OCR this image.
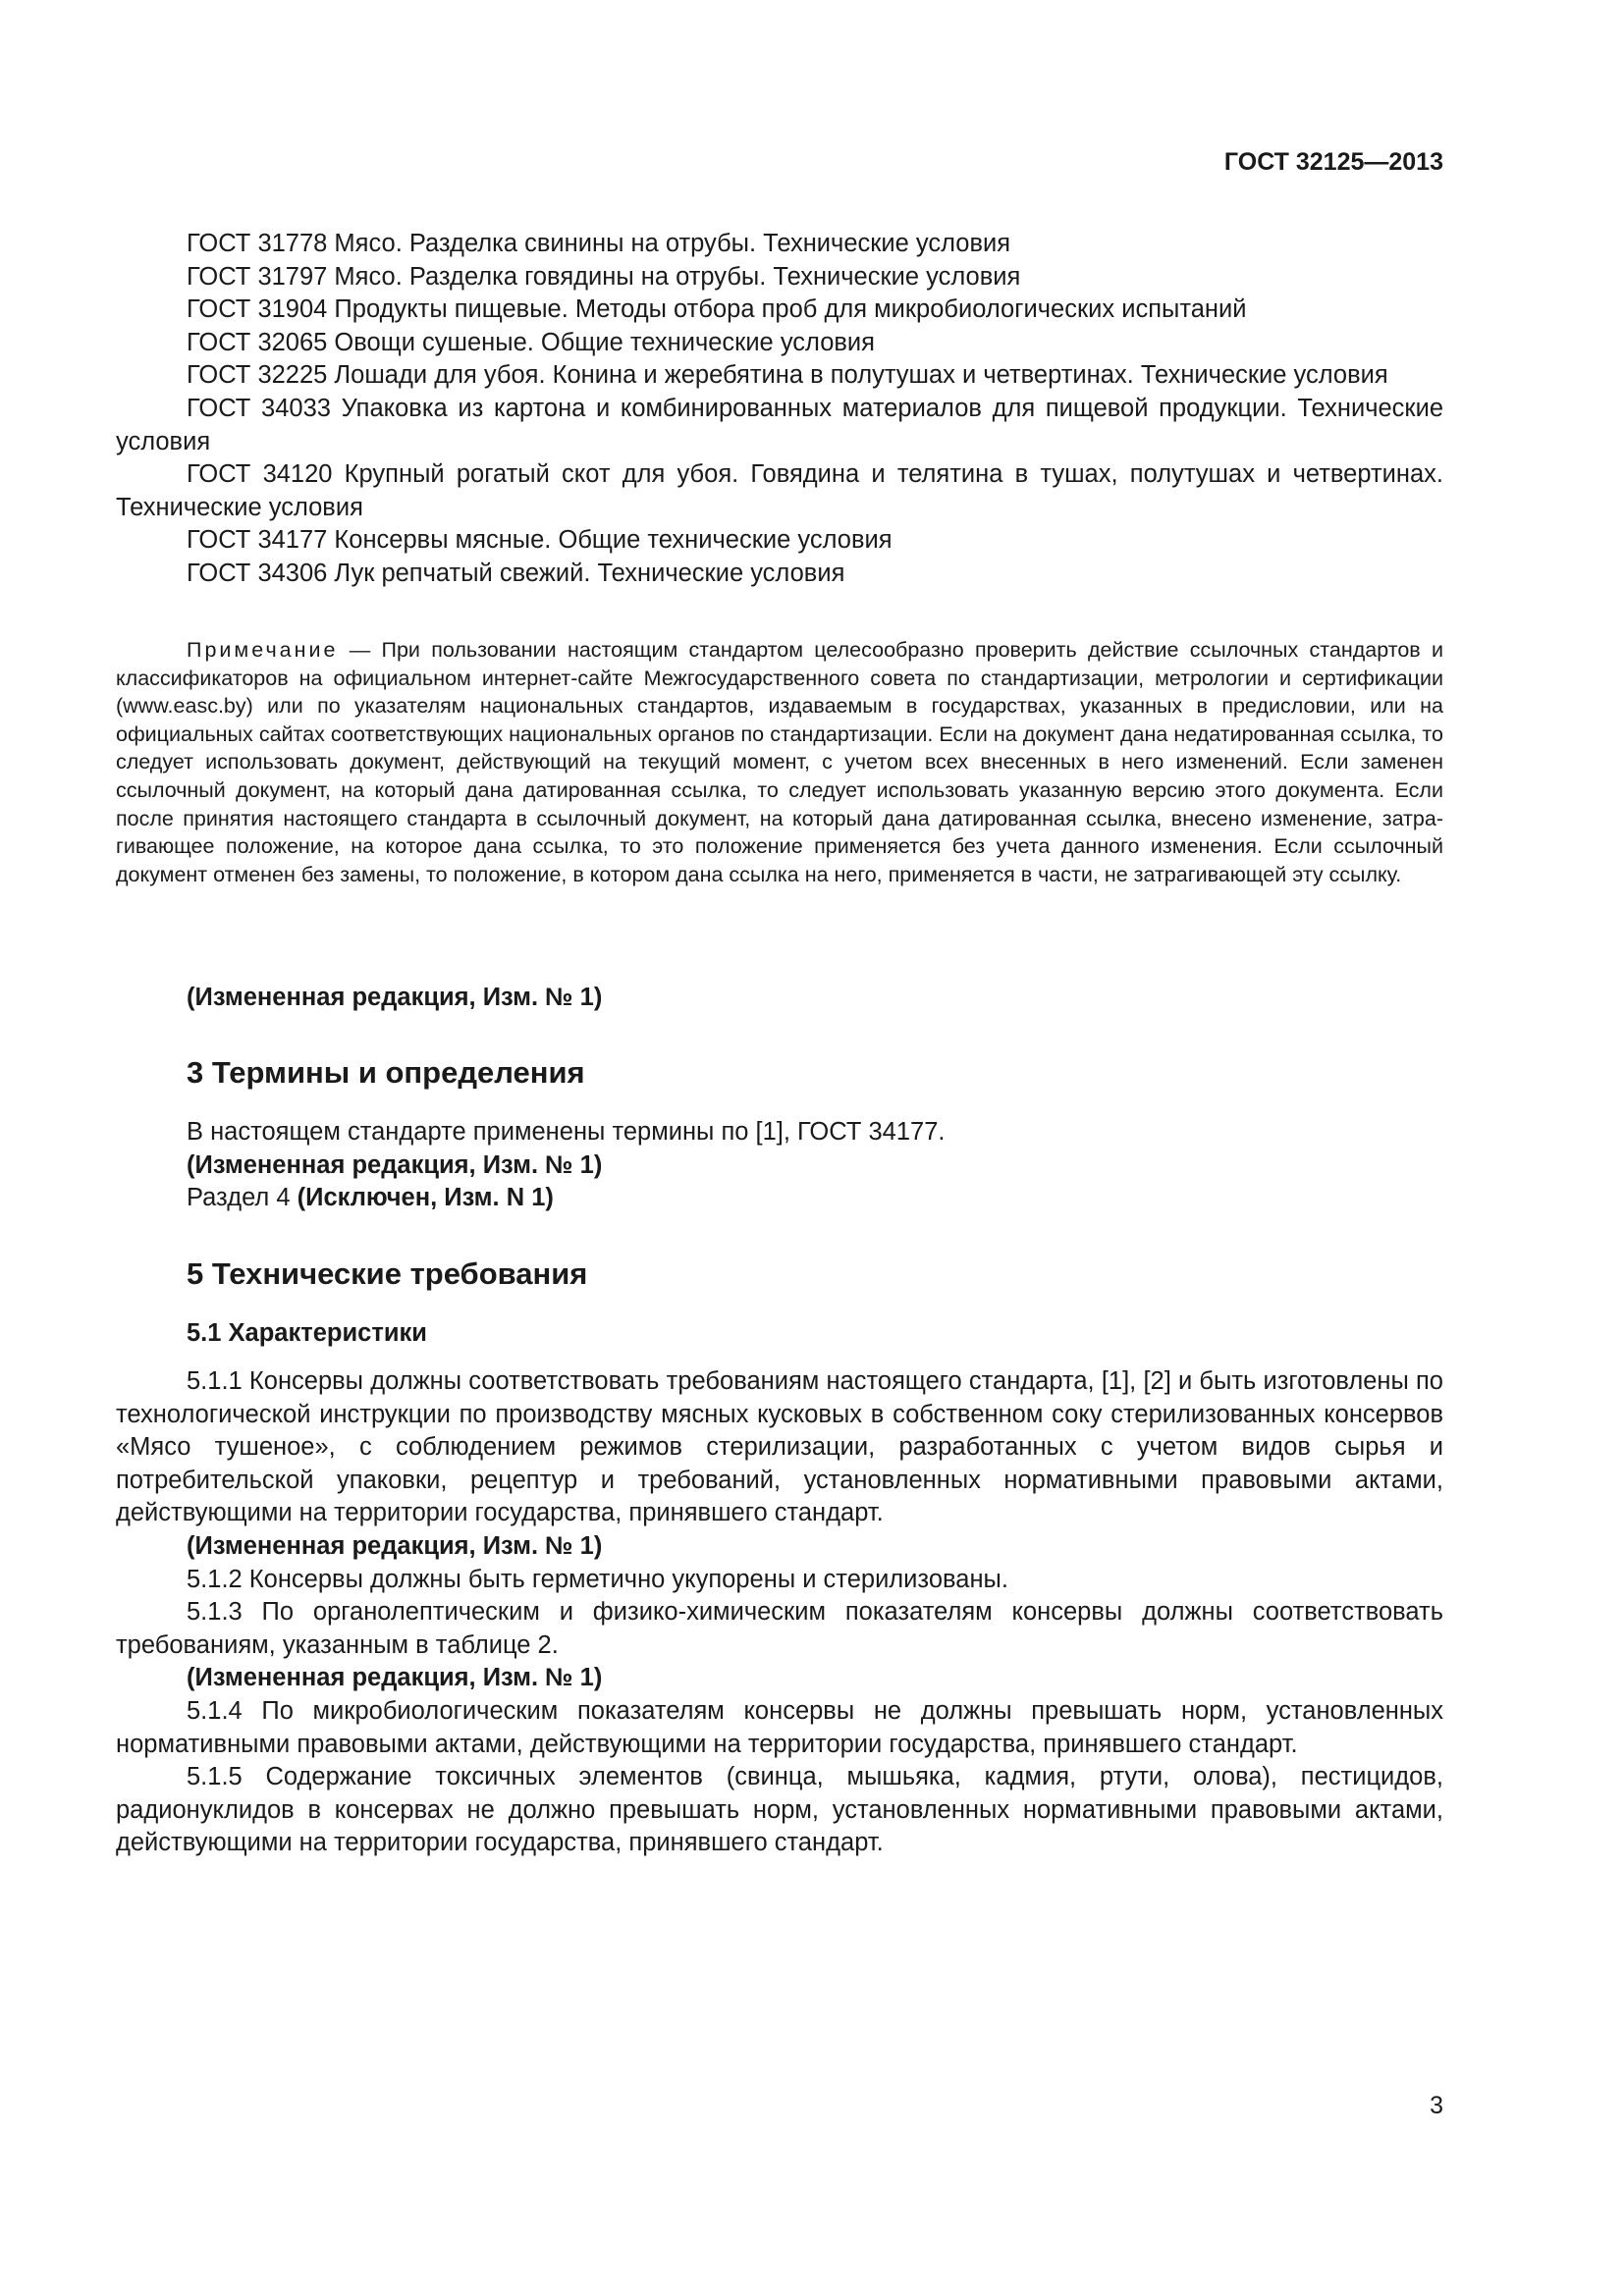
ГОСТ 32125—2013

ГОСТ 31778 Мясо. Разделка свинины на отрубы. Технические условия

ГОСТ 31797 Мясо. Разделка говядины на отрубы. Технические условия

ГОСТ 31904 Продукты пищевые. Методы отбора проб для микробиологических испытаний

ГОСТ 32065 Овощи сушеные. Общие технические условия

ГОСТ 32225 Лошади для убоя. Конина и жеребятина в полутушах и четвертинах. Технические условия

ГОСТ 34033 Упаковка из картона и комбинированных материалов для пищевой продукции. Технические условия

ГОСТ 34120 Крупный рогатый скот для убоя. Говядина и телятина в тушах, полутушах и четвертинах. Технические условия

ГОСТ 34177 Консервы мясные. Общие технические условия

ГОСТ 34306 Лук репчатый свежий. Технические условия

Примечание — При пользовании настоящим стандартом целесообразно проверить действие ссылочных стандартов и классификаторов на официальном интернет-сайте Межгосударственного совета по стандартизации, метрологии и сертификации (www.easc.by) или по указателям национальных стандартов, издаваемым в государствах, указанных в предисловии, или на официальных сайтах соответствующих национальных органов по стандартизации. Если на документ дана недатированная ссылка, то следует использовать документ, действующий на текущий момент, с учетом всех внесенных в него изменений. Если заменен ссылочный документ, на который дана датированная ссылка, то следует использовать указанную версию этого документа. Если после принятия настоящего стандарта в ссылочный документ, на который дана датированная ссылка, внесено изменение, затрагивающее положение, на которое дана ссылка, то это положение применяется без учета данного изменения. Если ссылочный документ отменен без замены, то положение, в котором дана ссылка на него, применяется в части, не затрагивающей эту ссылку.

(Измененная редакция, Изм. № 1)

3 Термины и определения

В настоящем стандарте применены термины по [1], ГОСТ 34177.

(Измененная редакция, Изм. № 1)

Раздел 4 (Исключен, Изм. N 1)

5 Технические требования

5.1 Характеристики

5.1.1 Консервы должны соответствовать требованиям настоящего стандарта, [1], [2] и быть изготовлены по технологической инструкции по производству мясных кусковых в собственном соку стерилизованных консервов «Мясо тушеное», с соблюдением режимов стерилизации, разработанных с учетом видов сырья и потребительской упаковки, рецептур и требований, установленных нормативными правовыми актами, действующими на территории государства, принявшего стандарт.

(Измененная редакция, Изм. № 1)

5.1.2 Консервы должны быть герметично укупорены и стерилизованы.

5.1.3 По органолептическим и физико-химическим показателям консервы должны соответствовать требованиям, указанным в таблице 2.

(Измененная редакция, Изм. № 1)

5.1.4 По микробиологическим показателям консервы не должны превышать норм, установленных нормативными правовыми актами, действующими на территории государства, принявшего стандарт.

5.1.5 Содержание токсичных элементов (свинца, мышьяка, кадмия, ртути, олова), пестицидов, радионуклидов в консервах не должно превышать норм, установленных нормативными правовыми актами, действующими на территории государства, принявшего стандарт.

3
